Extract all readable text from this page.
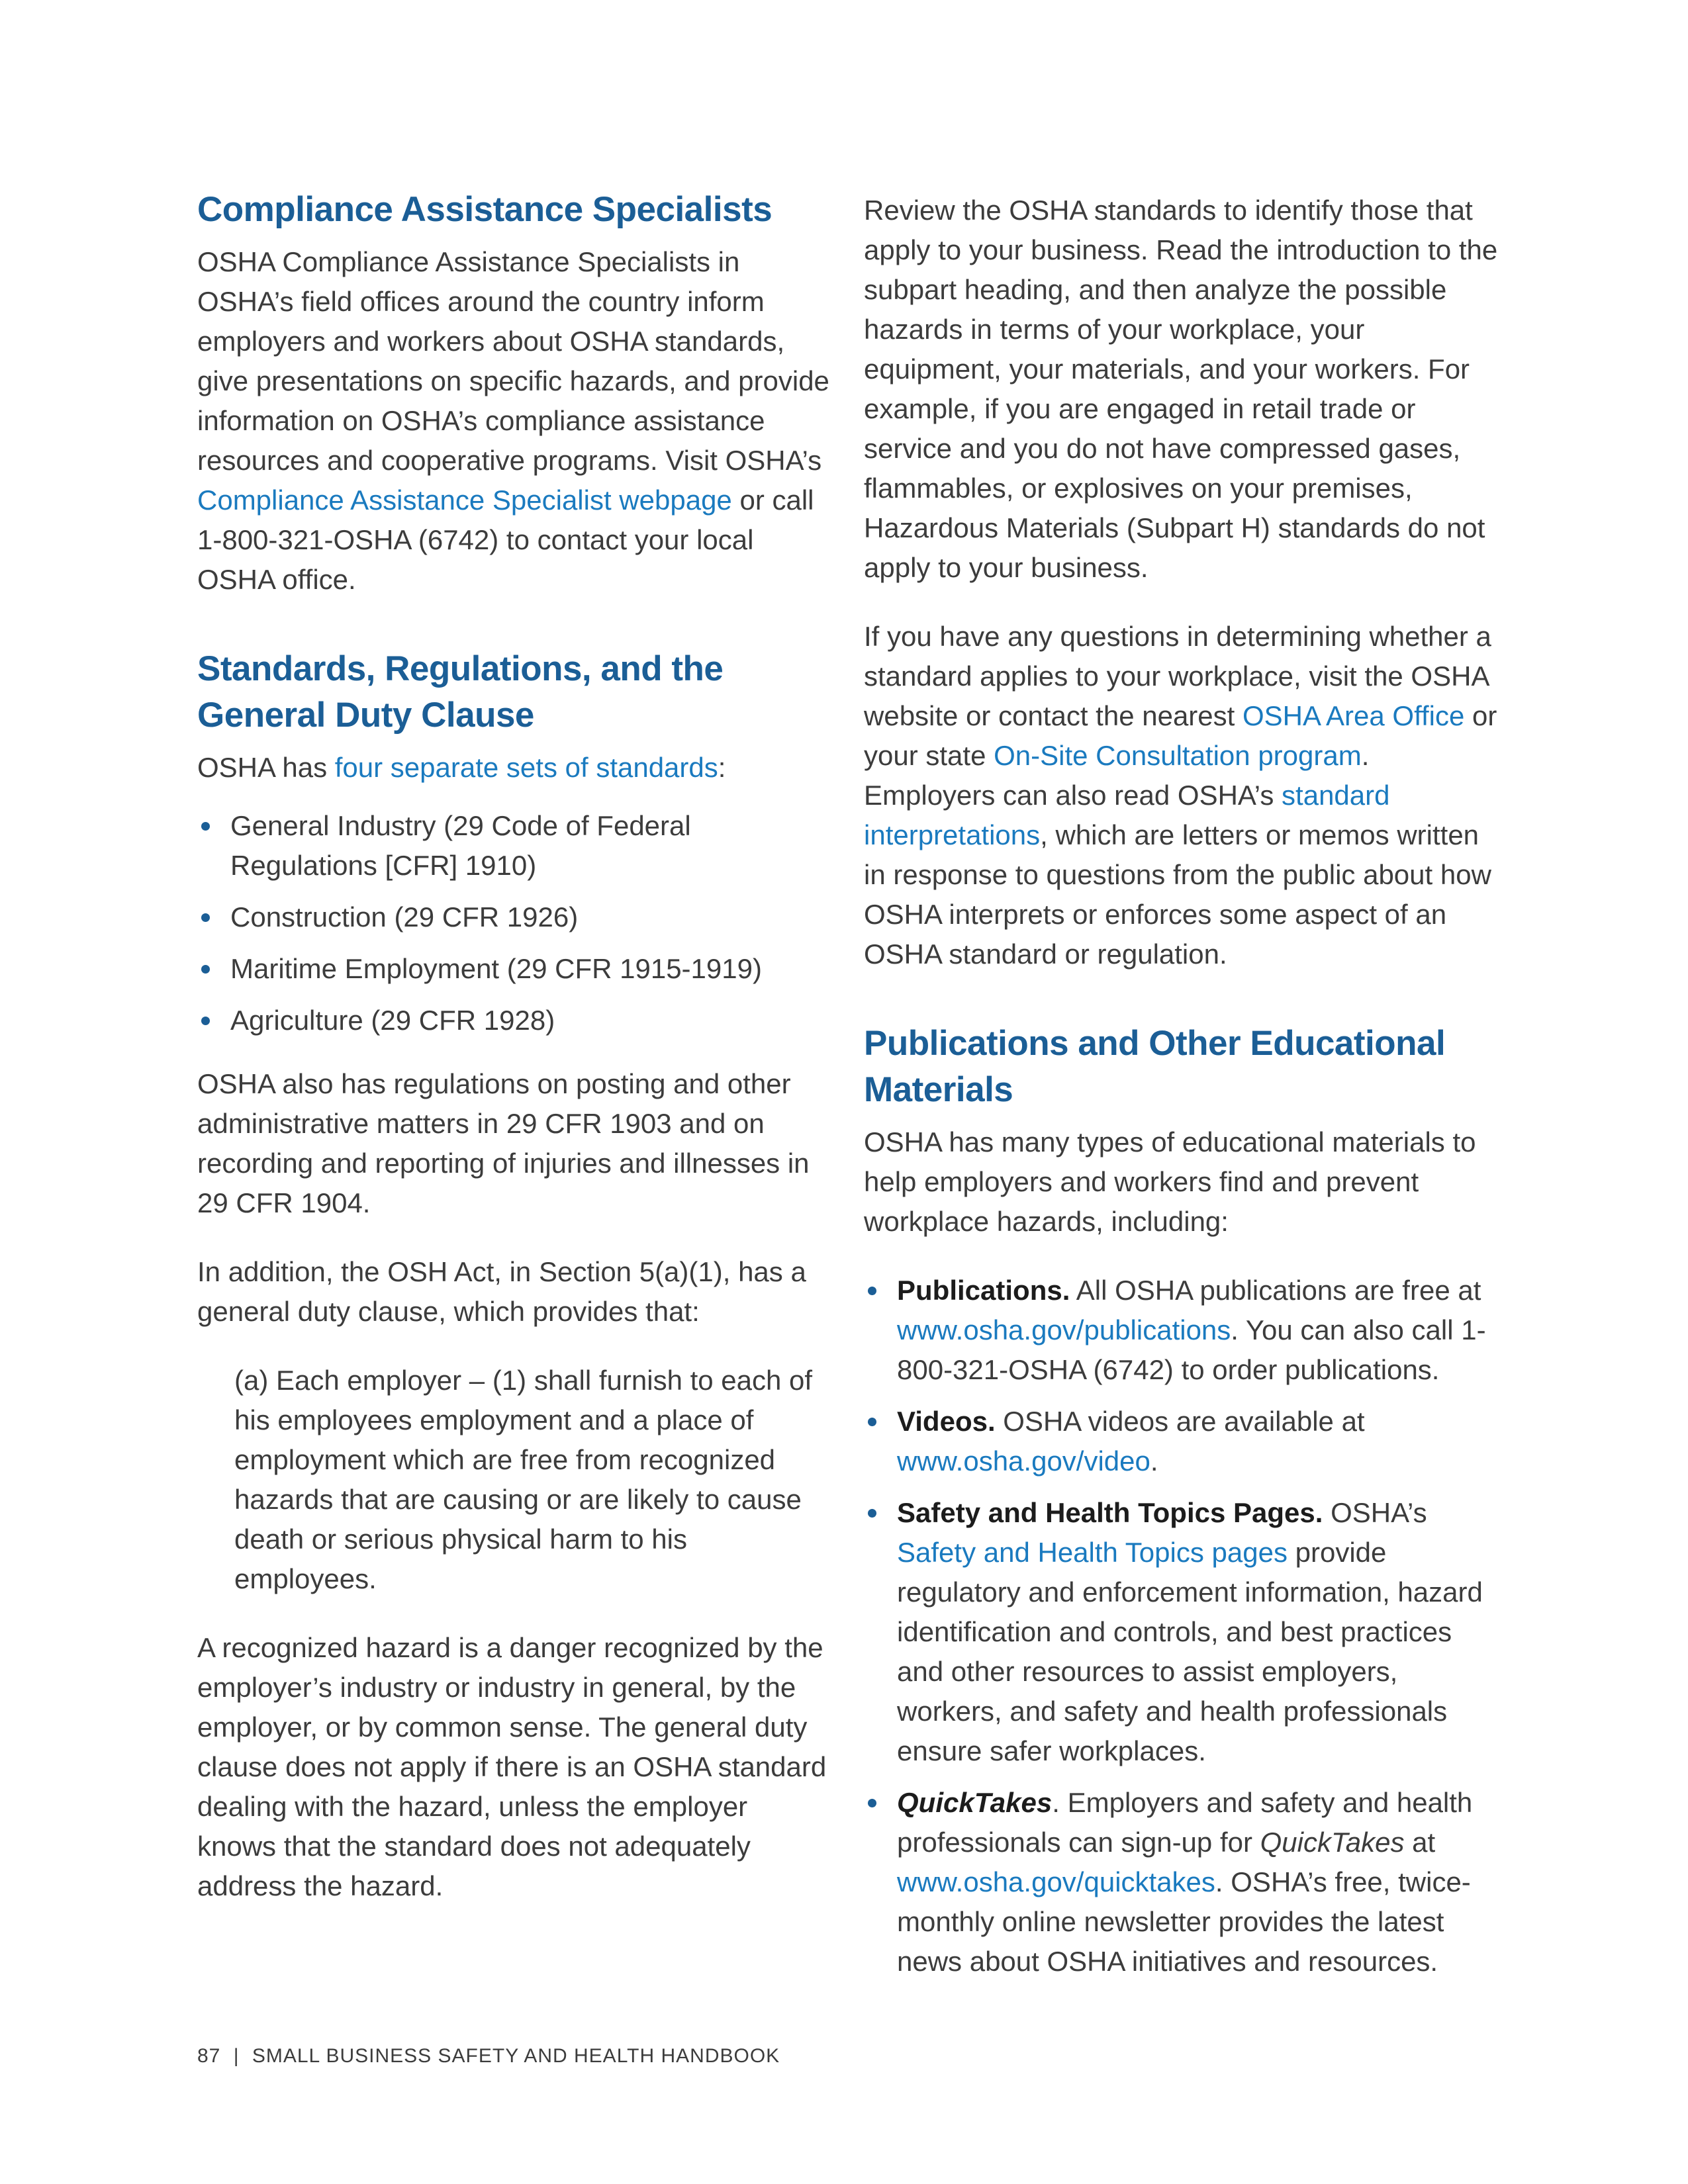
Compliance Assistance Specialists

OSHA Compliance Assistance Specialists in OSHA’s field offices around the country inform employers and workers about OSHA standards, give presentations on specific hazards, and provide information on OSHA’s compliance assistance resources and cooperative programs. Visit OSHA’s Compliance Assistance Specialist webpage or call 1-800-321-OSHA (6742) to contact your local OSHA office.

Standards, Regulations, and the General Duty Clause

OSHA has four separate sets of standards:

General Industry (29 Code of Federal Regulations [CFR] 1910)
Construction (29 CFR 1926)
Maritime Employment (29 CFR 1915-1919)
Agriculture (29 CFR 1928)

OSHA also has regulations on posting and other administrative matters in 29 CFR 1903 and on recording and reporting of injuries and illnesses in 29 CFR 1904.

In addition, the OSH Act, in Section 5(a)(1), has a general duty clause, which provides that:

(a) Each employer – (1) shall furnish to each of his employees employment and a place of employment which are free from recognized hazards that are causing or are likely to cause death or serious physical harm to his employees.

A recognized hazard is a danger recognized by the employer’s industry or industry in general, by the employer, or by common sense. The general duty clause does not apply if there is an OSHA standard dealing with the hazard, unless the employer knows that the standard does not adequately address the hazard.

Review the OSHA standards to identify those that apply to your business. Read the introduction to the subpart heading, and then analyze the possible hazards in terms of your workplace, your equipment, your materials, and your workers. For example, if you are engaged in retail trade or service and you do not have compressed gases, flammables, or explosives on your premises, Hazardous Materials (Subpart H) standards do not apply to your business.

If you have any questions in determining whether a standard applies to your workplace, visit the OSHA website or contact the nearest OSHA Area Office or your state On-Site Consultation program. Employers can also read OSHA’s standard interpretations, which are letters or memos written in response to questions from the public about how OSHA interprets or enforces some aspect of an OSHA standard or regulation.

Publications and Other Educational Materials

OSHA has many types of educational materials to help employers and workers find and prevent workplace hazards, including:

Publications. All OSHA publications are free at www.osha.gov/publications. You can also call 1-800-321-OSHA (6742) to order publications.
Videos. OSHA videos are available at www.osha.gov/video.
Safety and Health Topics Pages. OSHA’s Safety and Health Topics pages provide regulatory and enforcement information, hazard identification and controls, and best practices and other resources to assist employers, workers, and safety and health professionals ensure safer workplaces.
QuickTakes. Employers and safety and health professionals can sign-up for QuickTakes at www.osha.gov/quicktakes. OSHA’s free, twice-monthly online newsletter provides the latest news about OSHA initiatives and resources.
87 | SMALL BUSINESS SAFETY AND HEALTH HANDBOOK
